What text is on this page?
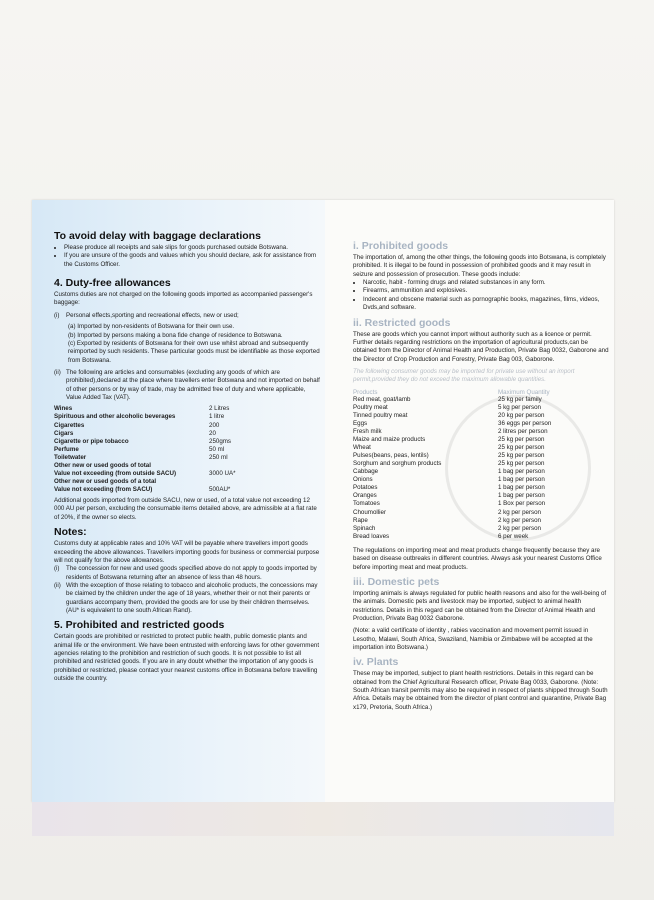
To avoid delay with baggage declarations
• Please produce all receipts and sale slips for goods purchased outside Botswana.
• If you are unsure of the goods and values which you should declare, ask for assistance from the Customs Officer.
4. Duty-free allowances

Customs duties are not charged on the following goods imported as accompanied passenger's baggage:

(i)	Personal effects,sporting and recreational effects, new or used;

(a) Imported by non-residents of Botswana for their own use.

(b) Imported by persons making a bona fide change of residence to Botswana.

(c) Exported by residents of Botswana for their own use whilst abroad and subsequently reimported by such residents. These particular goods must be identifiable as those exported from Botswana.

(ii) The following are articles and consumables (excluding any goods of which are prohibited),declared at the place where travellers enter Botswana and not imported on behalf of other persons or by way of trade, may be admitted free of duty and where applicable, Value Added Tax (VAT).
Wines	2 Litres
Spirituous and other alcoholic beverages	1 litre
Cigarettes	200
Cigars	20
Cigarette or pipe tobacco	250gms
Perfume	50 ml
Toiletwater	250 ml
Other new or used goods of total	
Value not exceeding (from outside SACU)	3000 UA*
Other new or used goods of a total	
Value not exceeding (from SACU)	500AU*

Additional goods imported from outside SACU, new or used, of a total value not exceeding 12 000 AU per person, excluding the consumable items detailed above, are admissible at a flat rate of 20%, if the owner so elects.

Notes:

Customs duty at applicable rates and 10% VAT will be payable where travellers import goods exceeding the above allowances. Travellers importing goods for business or commercial purpose will not qualify for the above allowances.

(i)	The concession for new and used goods specified above do not apply to goods imported by residents of Botswana returning after an absence of less than 48 hours.
(ii) With the exception of those relating to tobacco and alcoholic products, the concessions may be claimed by the children under the age of 18 years, whether their or not their parents or guardians accompany them, provided the goods are for use by their children themselves. (AU* is equivalent to one south African Rand).
5. Prohibited and restricted goods

Certain goods are prohibited or restricted to protect public health, public domestic plants and animal life or the environment. We have been entrusted with enforcing laws for other government agencies relating to the prohibition and restriction of such goods. It is not possible to list all prohibited and restricted goods. If you are in any doubt whether the importation of any goods is prohibited or restricted, please contact your nearest customs office in Botswana before travelling outside the country.

i. Prohibited goods

The importation of, among the other things, the following goods into Botswana, is completely prohibited. It is illegal to be found in possession of prohibited goods and it may result in seizure and possession of prosecution. These goods include:

• Narcotic, habit - forming drugs and related substances in any form.
• Firearms, ammunition and explosives.
• Indecent and obscene material such as pornographic books, magazines, films, videos, Dvds,and software.
ii. Restricted goods

These are goods which you cannot import without authority such as a licence or permit. Further details regarding restrictions on the importation of agricultural products,can be obtained from the Director of Animal Health and Production, Private Bag 0032, Gaborone and the Director of Crop Production and Forestry, Private Bag 003, Gaborone.

The following consumer goods may be imported for private use without an import permit,provided they do not exceed the maximum allowable quantities.

Products	Maximum Quantity
Red meat, goat/lamb	25 kg per family
Poultry meat	5 kg per person
Tinned poultry meat	20 kg per person
Eggs	36 eggs per person
Fresh milk	2 litres per person
Maize and maize products	25 kg per person
Wheat	25 kg per person
Pulses(beans, peas, lentils)	25 kg per person
Sorghum and sorghum products	25 kg per person
Cabbage	1 bag per person
Onions	1 bag per person
Potatoes	1 bag per person
Oranges	1 bag per person
Tomatoes	1 Box per person
Choumollier	2 kg per person
Rape	2 kg per person
Spinach	2 kg per person
Bread loaves	6 per week

The regulations on importing meat and meat products change frequently because they are based on disease outbreaks in different countries. Always ask your nearest Customs Office before importing meat and meat products.

iii. Domestic pets

Importing animals is always regulated for public health reasons and also for the well-being of the animals. Domestic pets and livestock may be imported, subject to animal health restrictions. Details in this regard can be obtained from the Director of Animal Health and Production, Private Bag 0032 Gaborone.

(Note: a valid certificate of identity , rabies vaccination and movement permit issued in Lesotho, Malawi, South Africa, Swaziland, Namibia or Zimbabwe will be accepted at the importation into Botswana.)

iv. Plants

These may be imported, subject to plant health restrictions. Details in this regard can be obtained from the Chief Agricultural Research officer, Private Bag 0033, Gaborone. (Note: South African transit permits may also be required in respect of plants shipped through South Africa. Details may be obtained from the director of plant control and quarantine, Private Bag x179, Pretoria, South Africa.)
